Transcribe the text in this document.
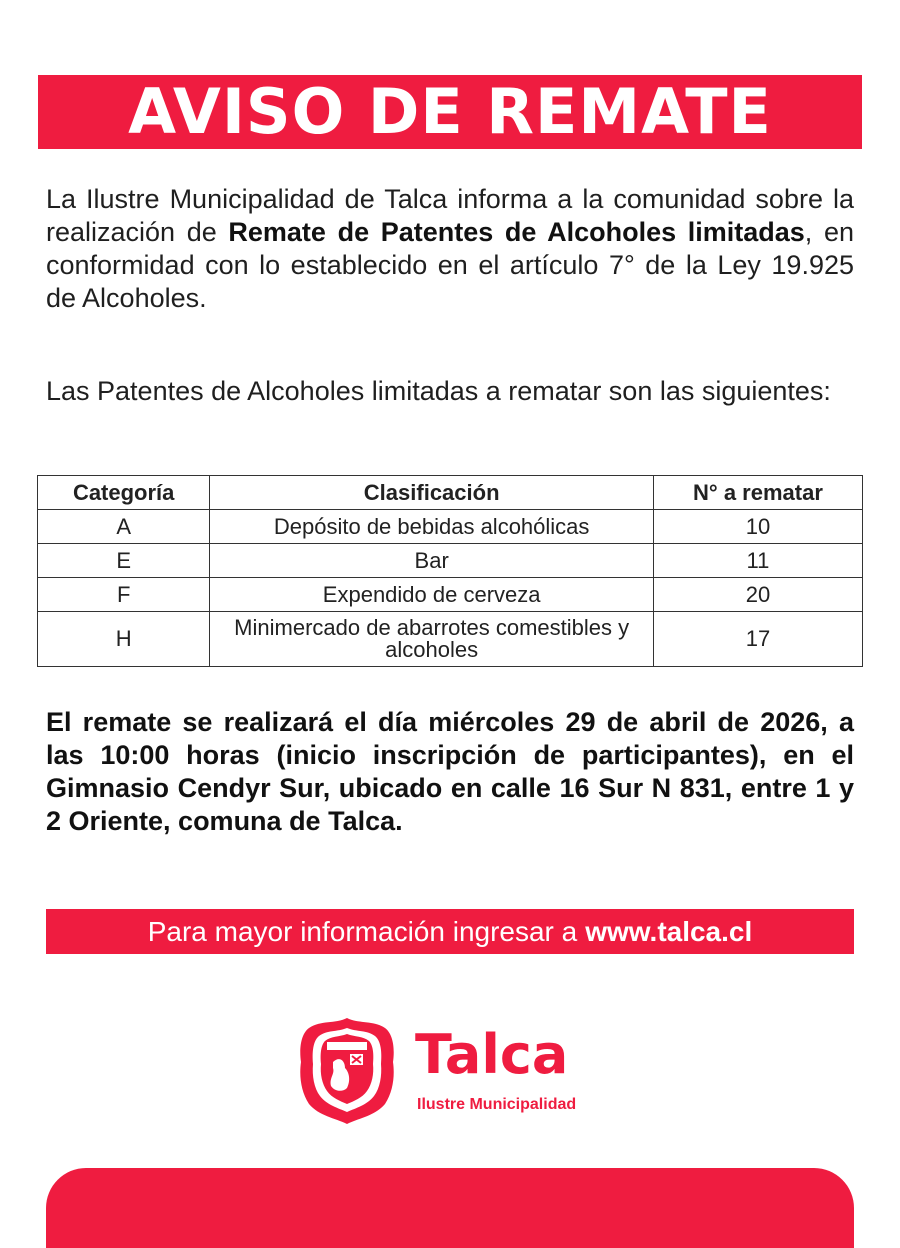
AVISO DE REMATE

La Ilustre Municipalidad de Talca informa a la comunidad sobre la realización de Remate de Patentes de Alcoholes limitadas, en conformidad con lo establecido en el artículo 7° de la Ley 19.925 de Alcoholes.

Las Patentes de Alcoholes limitadas a rematar son las siguientes:

Categoría	Clasificación	N° a rematar
A	Depósito de bebidas alcohólicas	10
E	Bar	11
F	Expendido de cerveza	20
H	Minimercado de abarrotes comestibles y alcoholes	17

El remate se realizará el día miércoles 29 de abril de 2026, a las 10:00 horas (inicio inscripción de participantes), en el Gimnasio Cendyr Sur, ubicado en calle 16 Sur N 831, entre 1 y 2 Oriente, comuna de Talca.

Para mayor información ingresar a www.talca.cl
Talca
Ilustre Municipalidad
